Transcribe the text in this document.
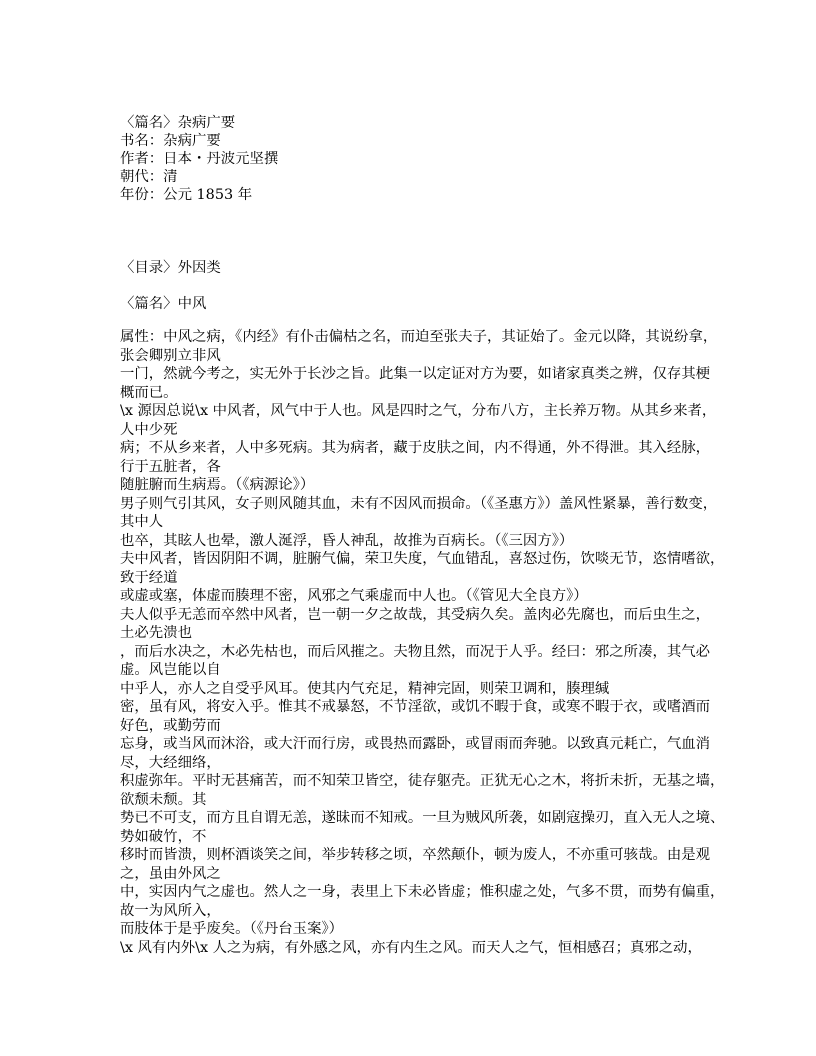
〈篇名〉杂病广要
书名：杂病广要
作者：日本・丹波元坚撰
朝代：清
年份：公元 1853 年
〈目录〉外因类
〈篇名〉中风
属性：中风之病，《内经》有仆击偏枯之名，而迫至张夫子，其证始了。金元以降，其说纷拿，
张会卿别立非风
一门，然就今考之，实无外于长沙之旨。此集一以定证对方为要，如诸家真类之辨，仅存其梗
概而已。
\x 源因总说\x 中风者，风气中于人也。风是四时之气，分布八方，主长养万物。从其乡来者，
人中少死
病；不从乡来者，人中多死病。其为病者，藏于皮肤之间，内不得通，外不得泄。其入经脉，
行于五脏者，各
随脏腑而生病焉。（《病源论》）
男子则气引其风，女子则风随其血，未有不因风而损命。（《圣惠方》）盖风性紧暴，善行数变，
其中人
也卒，其眩人也晕，激人涎浮，昏人神乱，故推为百病长。（《三因方》）
夫中风者，皆因阴阳不调，脏腑气偏，荣卫失度，气血错乱，喜怒过伤，饮啖无节，恣情嗜欲，
致于经道
或虚或塞，体虚而腠理不密，风邪之气乘虚而中人也。（《管见大全良方》）
夫人似乎无恙而卒然中风者，岂一朝一夕之故哉，其受病久矣。盖肉必先腐也，而后虫生之，
土必先溃也
，而后水决之，木必先枯也，而后风摧之。夫物且然，而况于人乎。经曰：邪之所凑，其气必
虚。风岂能以自
中乎人，亦人之自受乎风耳。使其内气充足，精神完固，则荣卫调和，腠理缄
密，虽有风，将安入乎。惟其不戒暴怒，不节淫欲，或饥不暇于食，或寒不暇于衣，或嗜酒而
好色，或勤劳而
忘身，或当风而沐浴，或大汗而行房，或畏热而露卧，或冒雨而奔驰。以致真元耗亡，气血消
尽，大经细络，
积虚弥年。平时无甚痛苦，而不知荣卫皆空，徒存躯壳。正犹无心之木，将折未折，无基之墙，
欲颓未颓。其
势已不可支，而方且自谓无恙，遂昧而不知戒。一旦为贼风所袭，如剧寇操刃，直入无人之境、
势如破竹，不
移时而皆溃，则杯酒谈笑之间，举步转移之顷，卒然颠仆，顿为废人，不亦重可骇哉。由是观
之，虽由外风之
中，实因内气之虚也。然人之一身，表里上下未必皆虚；惟积虚之处，气多不贯，而势有偏重，
故一为风所入，
而肢体于是乎废矣。（《丹台玉案》）
\x 风有内外\x 人之为病，有外感之风，亦有内生之风。而天人之气，恒相感召；真邪之动，
